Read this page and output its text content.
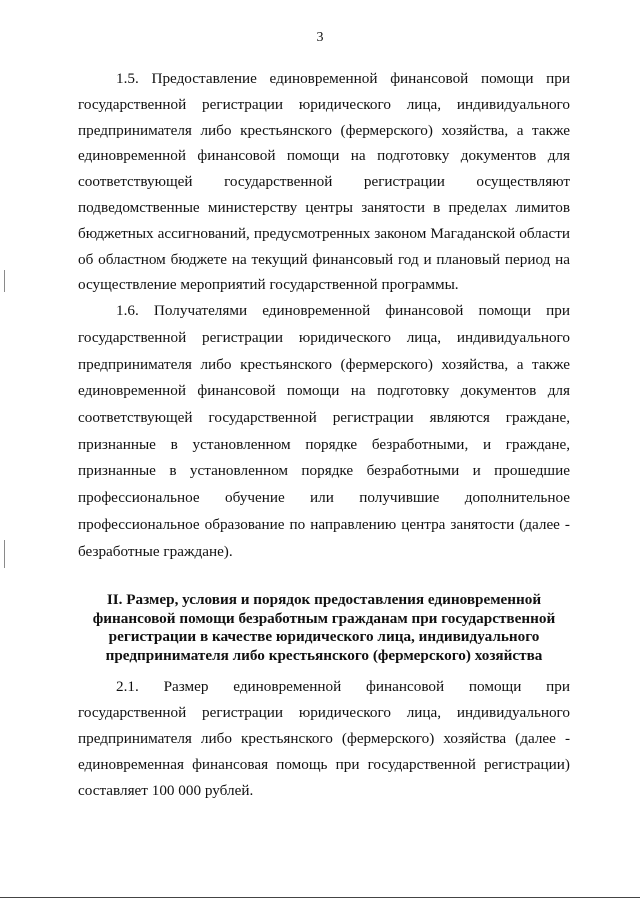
3

1.5. Предоставление единовременной финансовой помощи при государственной регистрации юридического лица, индивидуального предпринимателя либо крестьянского (фермерского) хозяйства, а также единовременной финансовой помощи на подготовку документов для соответствующей государственной регистрации осуществляют подведомственные министерству центры занятости в пределах лимитов бюджетных ассигнований, предусмотренных законом Магаданской области об областном бюджете на текущий финансовый год и плановый период на осуществление мероприятий государственной программы.

1.6. Получателями единовременной финансовой помощи при государственной регистрации юридического лица, индивидуального предпринимателя либо крестьянского (фермерского) хозяйства, а также единовременной финансовой помощи на подготовку документов для соответствующей государственной регистрации являются граждане, признанные в установленном порядке безработными, и граждане, признанные в установленном порядке безработными и прошедшие профессиональное обучение или получившие дополнительное профессиональное образование по направлению центра занятости (далее - безработные граждане).

II. Размер, условия и порядок предоставления единовременной финансовой помощи безработным гражданам при государственной регистрации в качестве юридического лица, индивидуального предпринимателя либо крестьянского (фермерского) хозяйства

2.1. Размер единовременной финансовой помощи при государственной регистрации юридического лица, индивидуального предпринимателя либо крестьянского (фермерского) хозяйства (далее - единовременная финансовая помощь при государственной регистрации) составляет 100 000 рублей.
